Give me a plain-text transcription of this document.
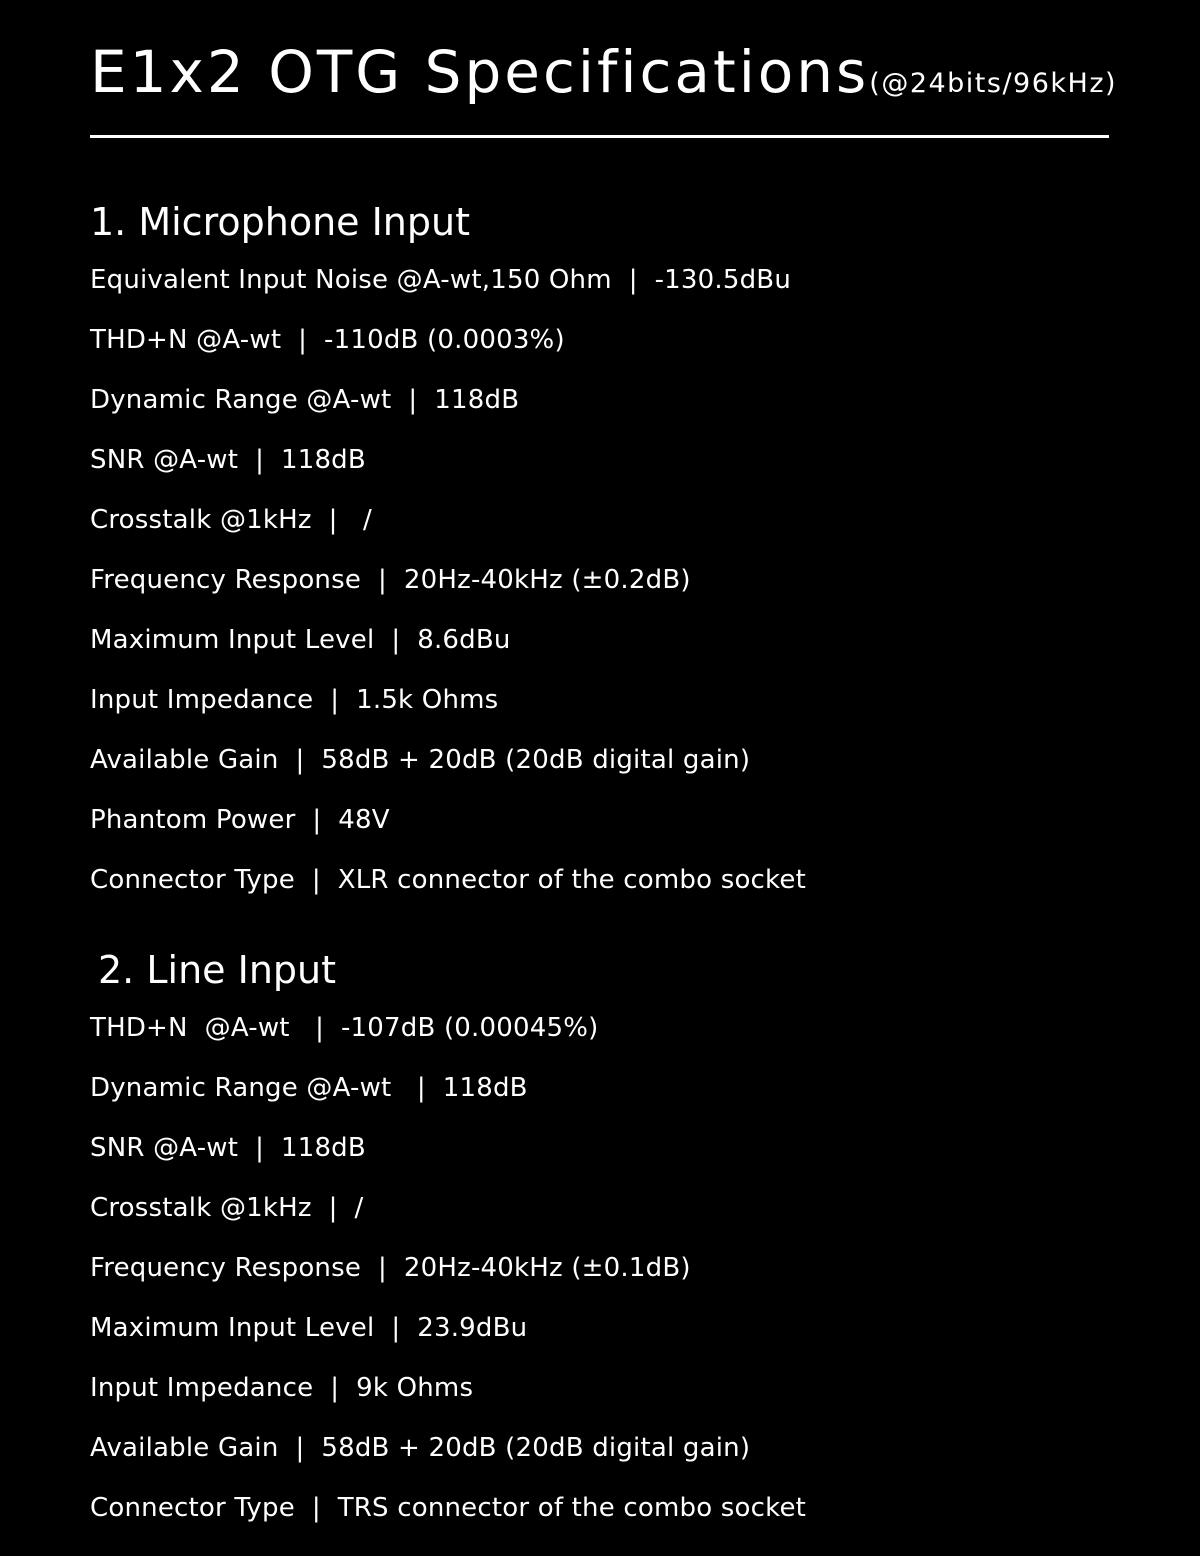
E1x2 OTG Specifications(@24bits/96kHz)
1. Microphone Input
Equivalent Input Noise @A-wt,150 Ohm  |  -130.5dBu
THD+N @A-wt  |  -110dB (0.0003%)
Dynamic Range @A-wt  |  118dB
SNR @A-wt  |  118dB
Crosstalk @1kHz  |   /
Frequency Response  |  20Hz-40kHz (±0.2dB)
Maximum Input Level  |  8.6dBu
Input Impedance  |  1.5k Ohms
Available Gain  |  58dB + 20dB (20dB digital gain)
Phantom Power  |  48V
Connector Type  |  XLR connector of the combo socket
2. Line Input
THD+N  @A-wt   |  -107dB (0.00045%)
Dynamic Range @A-wt   |  118dB
SNR @A-wt  |  118dB
Crosstalk @1kHz  |  /
Frequency Response  |  20Hz-40kHz (±0.1dB)
Maximum Input Level  |  23.9dBu
Input Impedance  |  9k Ohms
Available Gain  |  58dB + 20dB (20dB digital gain)
Connector Type  |  TRS connector of the combo socket
